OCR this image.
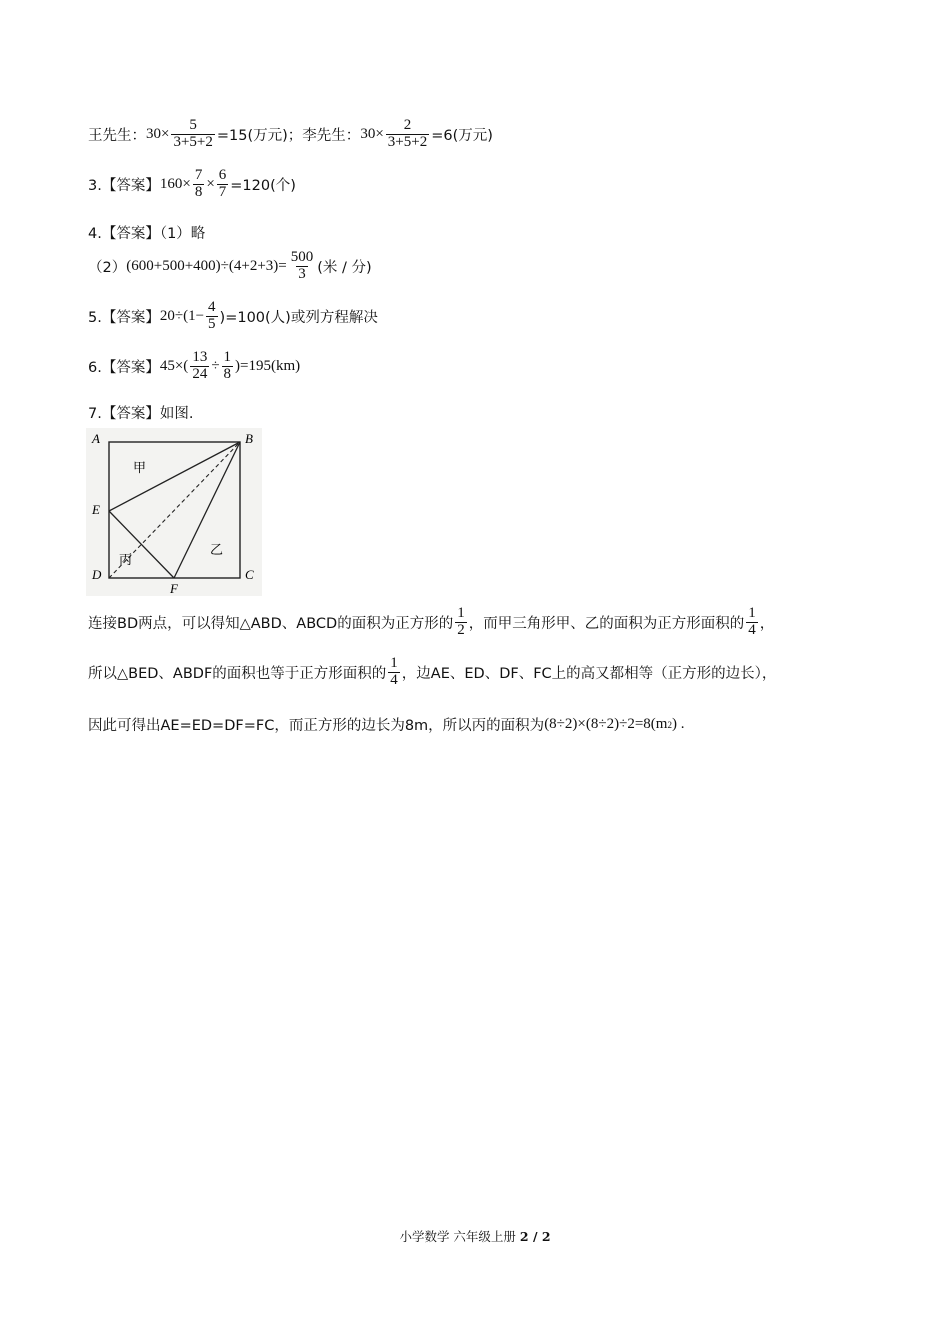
王先生： $30\times \frac{5}{3+5+2} =15$(万元)；李先生： $30\times \frac{2}{3+5+2} =6$(万元)
3.【答案】 $160\times \frac{7}{8} \times \frac{6}{7} =120$(个)
4.【答案】（1）略
（2） $(600+500+400)\div(4+2+3)= \frac{500}{3}$ (米 / 分)
5.【答案】 $20\div(1- \frac{4}{5} )=100$(人)或列方程解决
6.【答案】 $45\times( \frac{13}{24} \div \frac{1}{8} )=195(km)$
7.【答案】如图.
A	B
C
D
E
F
甲
乙
丙
连接BD两点，可以得知△ABD、ABCD的面积为正方形的 $\frac{1}{2}$ ，而甲三角形甲、乙的面积为正方形面积的 $\frac{1}{4}$ ，
所以△BED、ABDF的面积也等于正方形面积的 $\frac{1}{4}$ ，边AE、ED、DF、FC上的高又都相等（正方形的边长），
因此可得出AE=ED=DF=FC，而正方形的边长为8m，所以丙的面积为 (8÷2)×(8÷2)÷2=8(m 2 ) .
小学数学 六年级上册 2 / 2
